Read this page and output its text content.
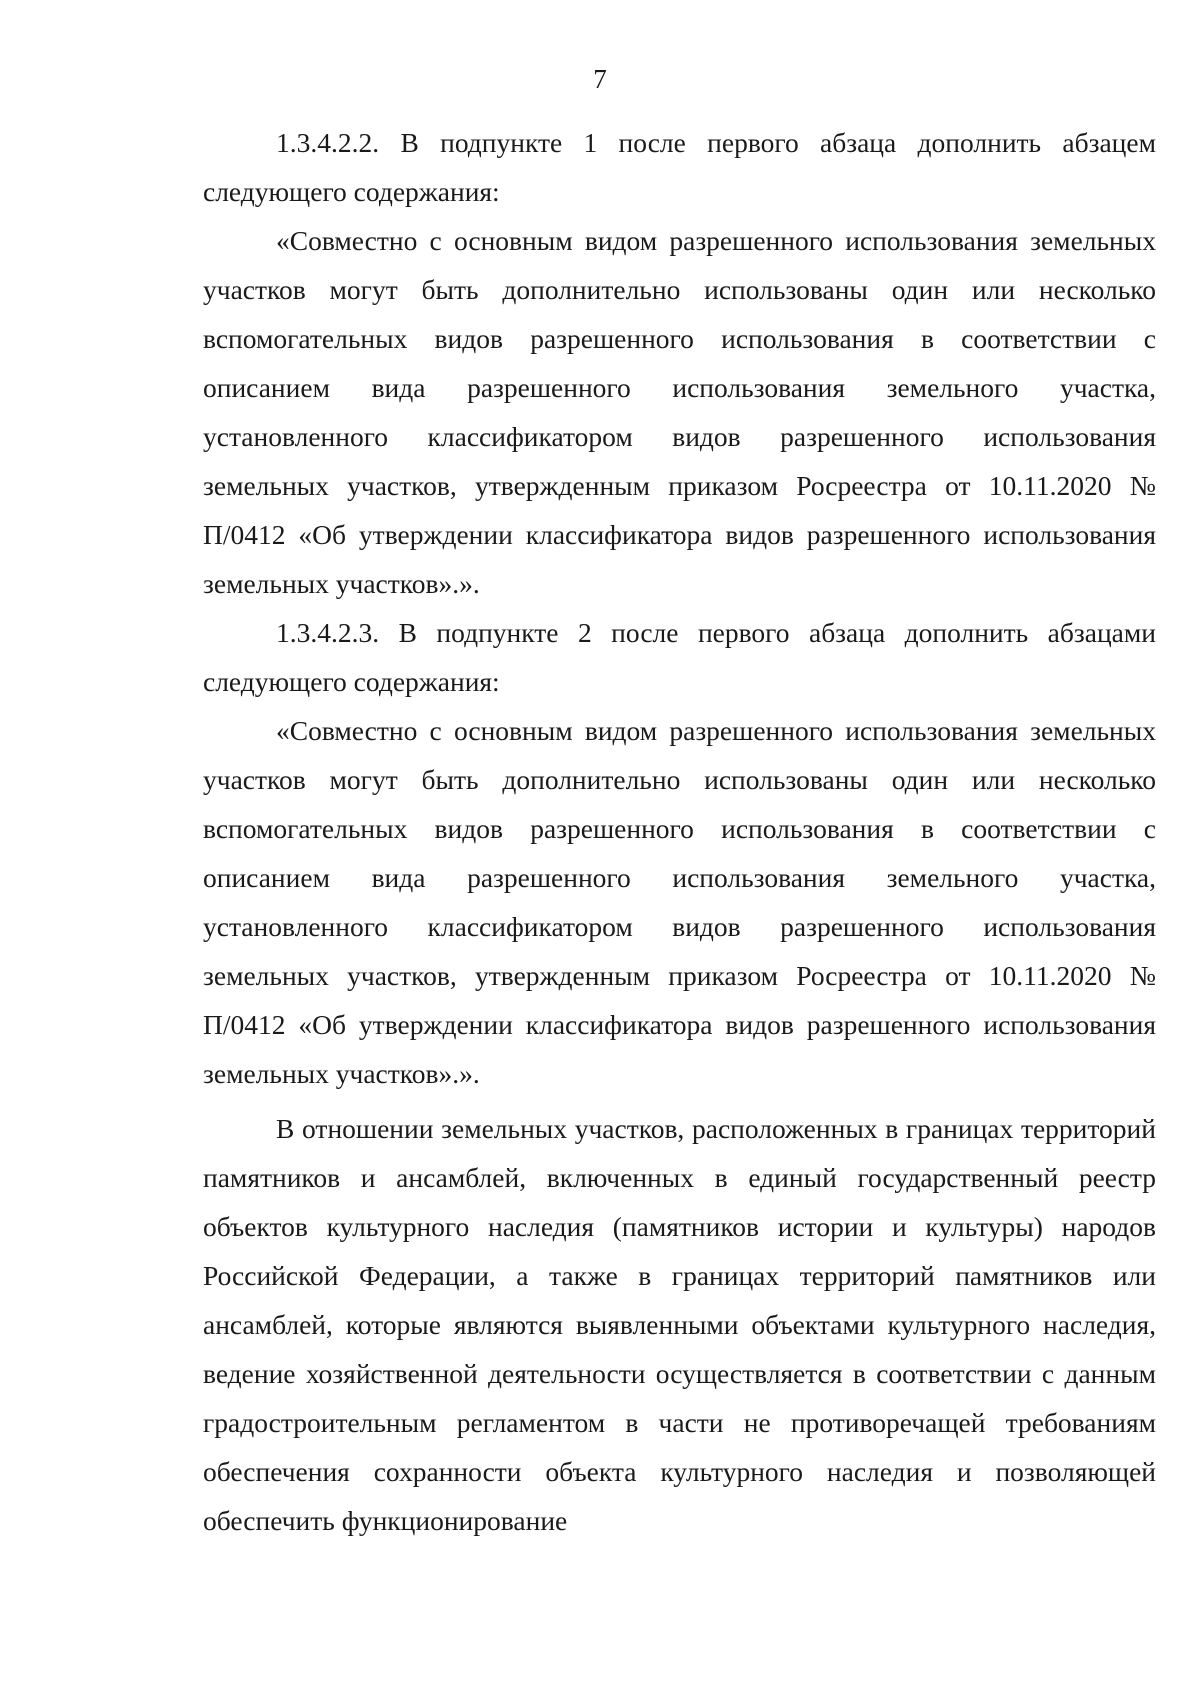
7

1.3.4.2.2. В подпункте 1 после первого абзаца дополнить абзацем следующего содержания:

«Совместно с основным видом разрешенного использования земельных участков могут быть дополнительно использованы один или несколько вспомогательных видов разрешенного использования в соответствии с описанием вида разрешенного использования земельного участка, установленного классификатором видов разрешенного использования земельных участков, утвержденным приказом Росреестра от 10.11.2020 № П/0412 «Об утверждении классификатора видов разрешенного использования земельных участков».».

1.3.4.2.3. В подпункте 2 после первого абзаца дополнить абзацами следующего содержания:

«Совместно с основным видом разрешенного использования земельных участков могут быть дополнительно использованы один или несколько вспомогательных видов разрешенного использования в соответствии с описанием вида разрешенного использования земельного участка, установленного классификатором видов разрешенного использования земельных участков, утвержденным приказом Росреестра от 10.11.2020 № П/0412 «Об утверждении классификатора видов разрешенного использования земельных участков».».

В отношении земельных участков, расположенных в границах территорий памятников и ансамблей, включенных в единый государственный реестр объектов культурного наследия (памятников истории и культуры) народов Российской Федерации, а также в границах территорий памятников или ансамблей, которые являются выявленными объектами культурного наследия, ведение хозяйственной деятельности осуществляется в соответствии с данным градостроительным регламентом в части не противоречащей требованиям обеспечения сохранности объекта культурного наследия и позволяющей обеспечить функционирование
